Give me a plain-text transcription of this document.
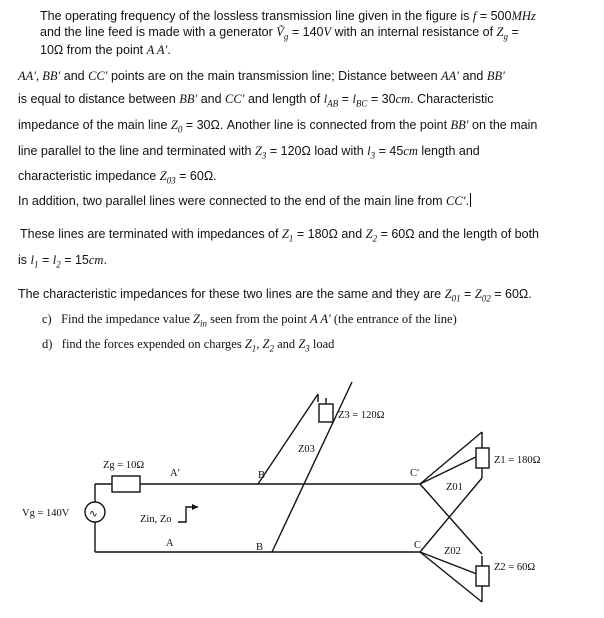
The operating frequency of the lossless transmission line given in the figure is f = 500MHz
and the line feed is made with a generator $Ṽ_g = 140V$ with an internal resistance of $Z_g$ =
10Ω from the point A A′.
AA′, BB′ and CC′ points are on the main transmission line; Distance between AA′ and BB′
is equal to distance between BB′ and CC′ and length of $l_{AB} = l_{BC} = 30cm$. Characteristic
impedance of the main line $Z_0 = 30\Omega$. Another line is connected from the point BB′ on the main
line parallel to the line and terminated with $Z_3 = 120\Omega$ load with $l_3 = 45cm$ length and
characteristic impedance $Z_{03} = 60\Omega$.
In addition, two parallel lines were connected to the end of the main line from CC′.
These lines are terminated with impedances of $Z_1 = 180\Omega$ and $Z_2 = 60\Omega$ and the length of both
is $l_1 = l_2 = 15cm$.
The characteristic impedances for these two lines are the same and they are $Z_{01} = Z_{02} = 60\Omega$.
c)   Find the impedance value $Z_{in}$ seen from the point A A′ (the entrance of the line)
d)   find the forces expended on charges $Z_1$, $Z_2$ and $Z_3$ load
∿
Vg = 140V
Zg = 10Ω
Zin, Zo
A′
A
B′
B
Z03
Z3 = 120Ω
C′
C
Z01
Z1 = 180Ω
Z02
Z2 = 60Ω
